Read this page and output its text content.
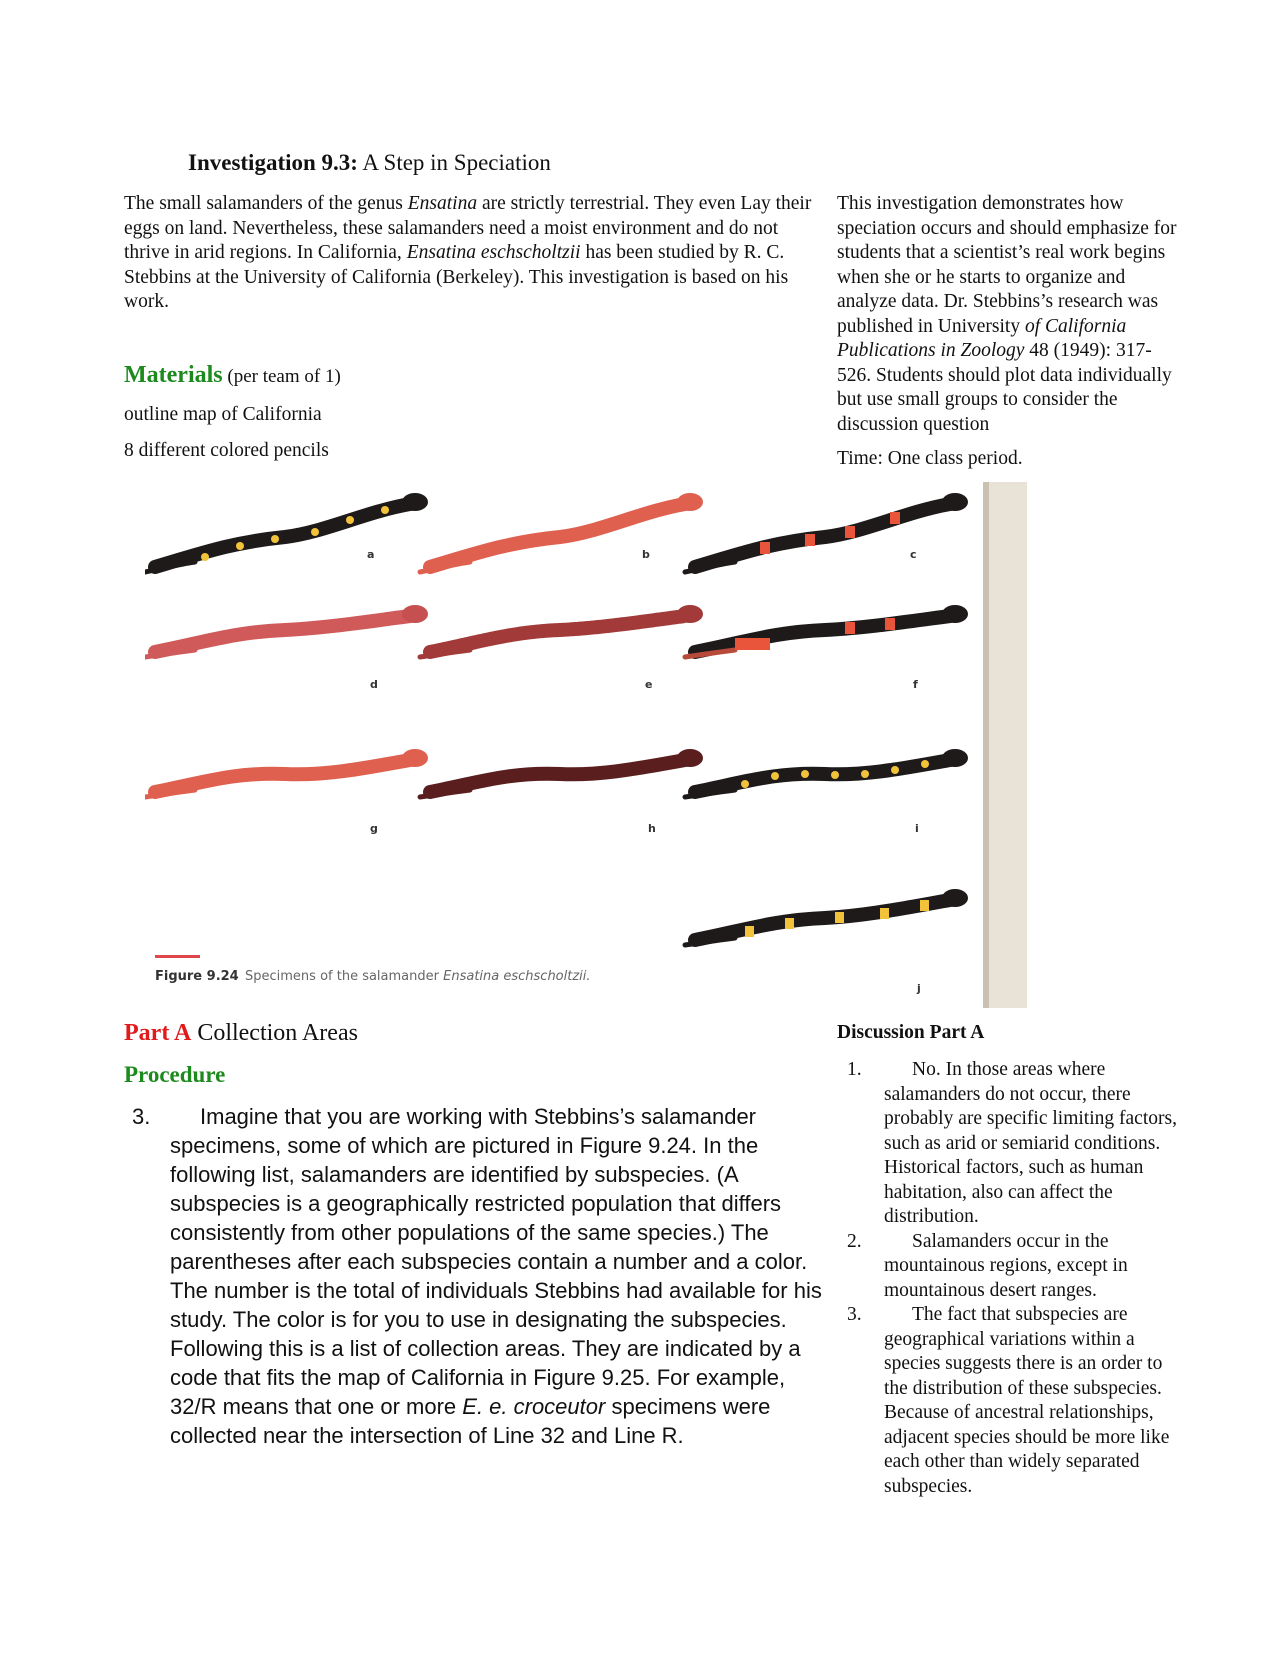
Investigation 9.3: A Step in Speciation

The small salamanders of the genus Ensatina are strictly terrestrial. They even Lay their eggs on land. Nevertheless, these salamanders need a moist environment and do not thrive in arid regions. In California, Ensatina eschscholtzii has been studied by R. C. Stebbins at the University of California (Berkeley). This investigation is based on his work.

This investigation demonstrates how speciation occurs and should emphasize for students that a scientist’s real work begins when she or he starts to organize and analyze data. Dr. Stebbins’s research was published in University of California Publications in Zoology 48 (1949): 317- 526. Students should plot data individually but use small groups to consider the discussion question

Time: One class period.

Materials (per team of 1)
outline map of California
8 different colored pencils
a	b	c
d	e	f
g	h	i
j
Figure 9.24 Specimens of the salamander Ensatina eschscholtzii.
Part A Collection Areas
Procedure
3.	Imagine that you are working with Stebbins’s salamander specimens, some of which are pictured in Figure 9.24. In the following list, salamanders are identified by subspecies. (A subspecies is a geographically restricted population that differs consistently from other populations of the same species.) The parentheses after each subspecies contain a number and a color. The number is the total of individuals Stebbins had available for his study. The color is for you to use in designating the subspecies. Following this is a list of collection areas. They are indicated by a code that fits the map of California in Figure 9.25. For example, 32/R means that one or more E. e. croceutor specimens were collected near the intersection of Line 32 and Line R.
Discussion Part A
1.	No. In those areas where salamanders do not occur, there probably are specific limiting factors, such as arid or semiarid conditions. Historical factors, such as human habitation, also can affect the distribution.
2.	Salamanders occur in the mountainous regions, except in mountainous desert ranges.
3.	The fact that subspecies are geographical variations within a species suggests there is an order to the distribution of these subspecies. Because of ancestral relationships, adjacent species should be more like each other than widely separated subspecies.
